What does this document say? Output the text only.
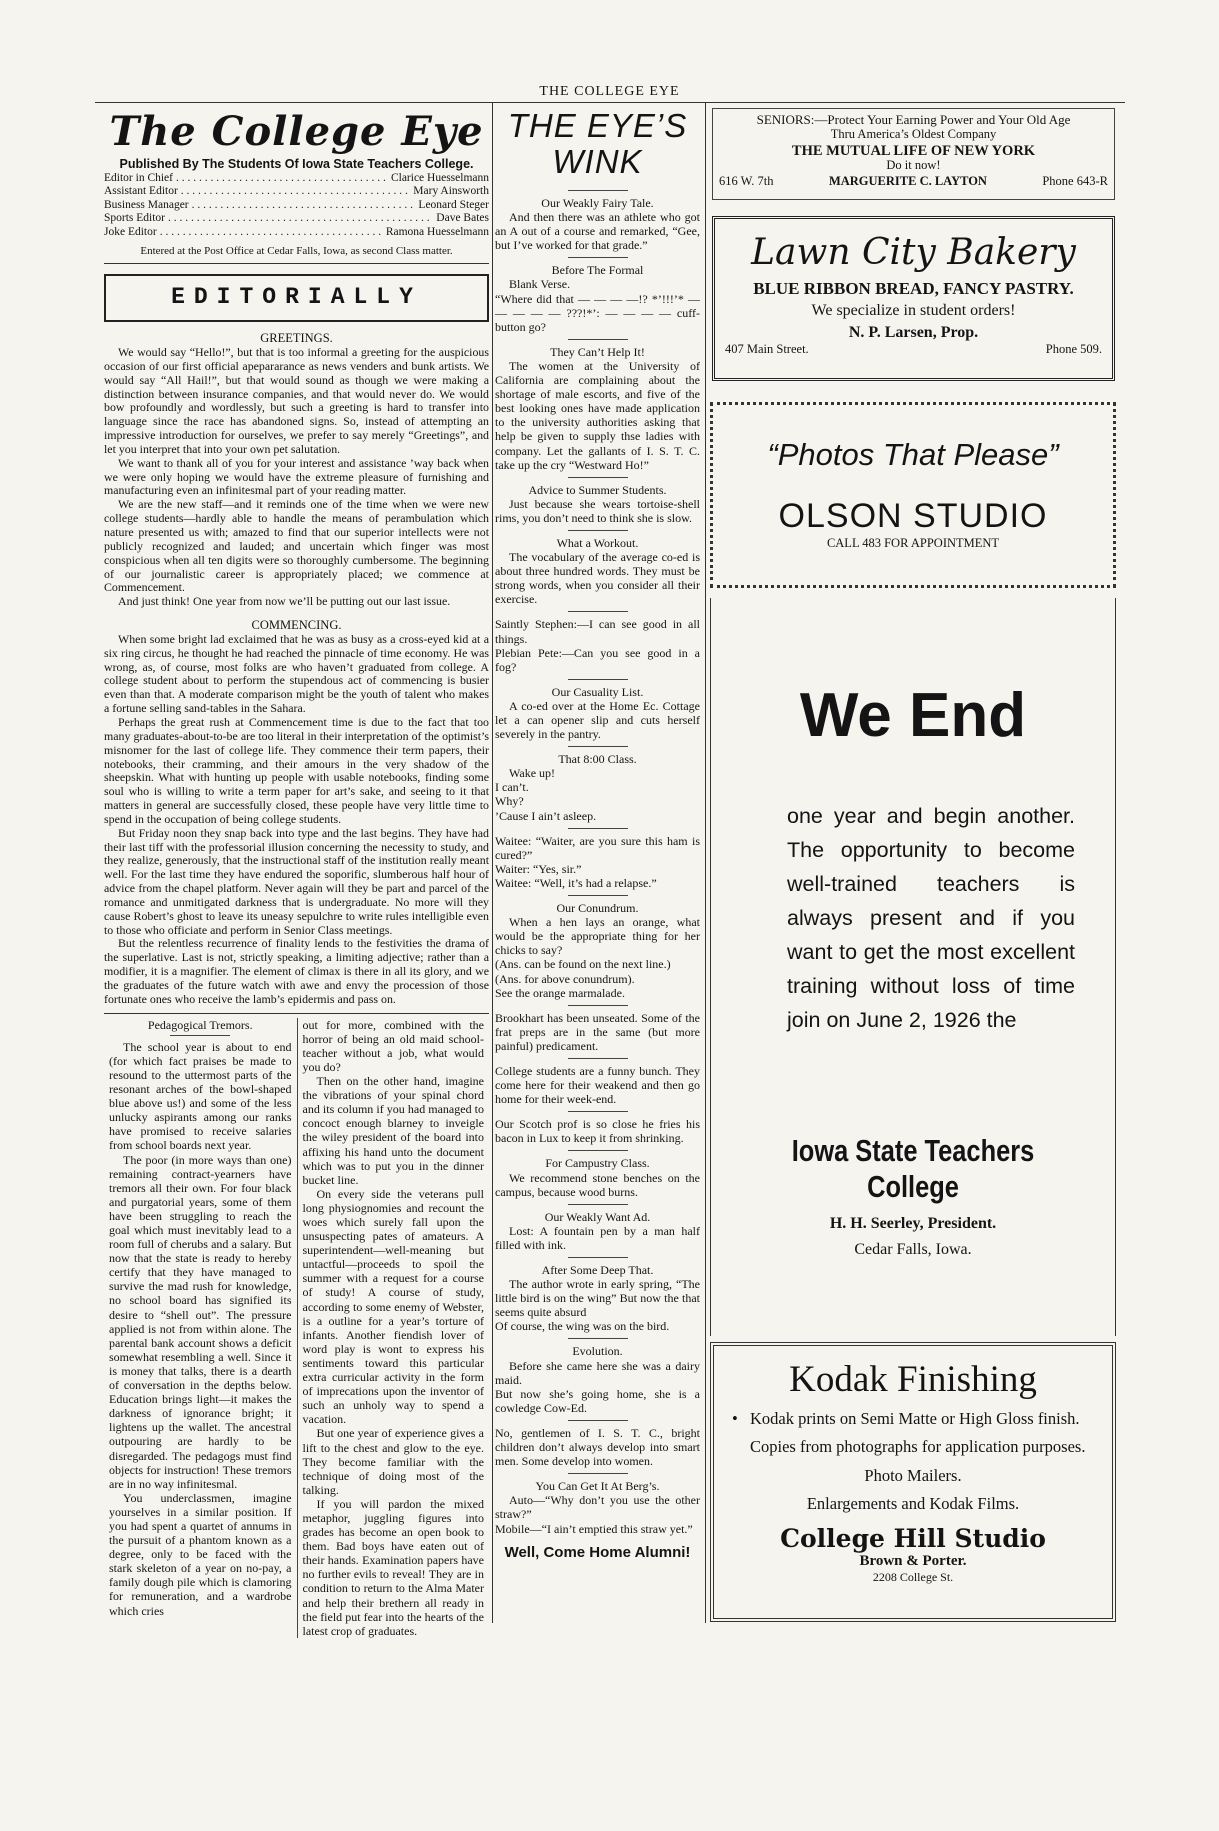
THE COLLEGE EYE
The College Eye
Published By The Students Of Iowa State Teachers College.
Editor in Chief . . .	Clarice Huesselmann
Assistant Editor . . .	Mary Ainsworth
Business Manager . . .	Leonard Steger
Sports Editor . . .	Dave Bates
Joke Editor . . .	Ramona Huesselmann
Entered at the Post Office at Cedar Falls, Iowa, as second Class matter.
EDITORIALLY
GREETINGS.

We would say “Hello!”, but that is too informal a greeting for the auspicious occasion of our first official apepararance as news venders and bunk artists. We would say “All Hail!”, but that would sound as though we were making a distinction between insurance companies, and that would never do. We would bow profoundly and wordlessly, but such a greeting is hard to transfer into language since the race has abandoned signs. So, instead of attempting an impressive introduction for ourselves, we prefer to say merely “Greetings”, and let you interpret that into your own pet salutation.

We want to thank all of you for your interest and assistance ’way back when we were only hoping we would have the extreme pleasure of furnishing and manufacturing even an infinitesmal part of your reading matter.

We are the new staff—and it reminds one of the time when we were new college students—hardly able to handle the means of perambulation which nature presented us with; amazed to find that our superior intellects were not publicly recognized and lauded; and uncertain which finger was most conspicious when all ten digits were so thoroughly cumbersome. The beginning of our journalistic career is appropriately placed; we commence at Commencement.

And just think! One year from now we’ll be putting out our last issue.

COMMENCING.

When some bright lad exclaimed that he was as busy as a cross-eyed kid at a six ring circus, he thought he had reached the pinnacle of time economy. He was wrong, as, of course, most folks are who haven’t graduated from college. A college student about to perform the stupendous act of commencing is busier even than that. A moderate comparison might be the youth of talent who makes a fortune selling sand-tables in the Sahara.

Perhaps the great rush at Commencement time is due to the fact that too many graduates-about-to-be are too literal in their interpretation of the optimist’s misnomer for the last of college life. They commence their term papers, their notebooks, their cramming, and their amours in the very shadow of the sheepskin. What with hunting up people with usable notebooks, finding some soul who is willing to write a term paper for art’s sake, and seeing to it that matters in general are successfully closed, these people have very little time to spend in the occupation of being college students.

But Friday noon they snap back into type and the last begins. They have had their last tiff with the professorial illusion concerning the necessity to study, and they realize, generously, that the instructional staff of the institution really meant well. For the last time they have endured the soporific, slumberous half hour of advice from the chapel platform. Never again will they be part and parcel of the romance and unmitigated darkness that is undergraduate. No more will they cause Robert’s ghost to leave its uneasy sepulchre to write rules intelligible even to those who officiate and perform in Senior Class meetings.

But the relentless recurrence of finality lends to the festivities the drama of the superlative. Last is not, strictly speaking, a limiting adjective; rather than a modifier, it is a magnifier. The element of climax is there in all its glory, and we the graduates of the future watch with awe and envy the procession of those fortunate ones who receive the lamb’s epidermis and pass on.

Pedagogical Tremors.

The school year is about to end (for which fact praises be made to resound to the uttermost parts of the resonant arches of the bowl-shaped blue above us!) and some of the less unlucky aspirants among our ranks have promised to receive salaries from school boards next year.

The poor (in more ways than one) remaining contract-yearners have tremors all their own. For four black and purgatorial years, some of them have been struggling to reach the goal which must inevitably lead to a room full of cherubs and a salary. But now that the state is ready to hereby certify that they have managed to survive the mad rush for knowledge, no school board has signified its desire to “shell out”. The pressure applied is not from within alone. The parental bank account shows a deficit somewhat resembling a well. Since it is money that talks, there is a dearth of conversation in the depths below. Education brings light—it makes the darkness of ignorance bright; it lightens up the wallet. The ancestral outpouring are hardly to be disregarded. The pedagogs must find objects for instruction! These tremors are in no way infinitesmal.

You underclassmen, imagine yourselves in a similar position. If you had spent a quartet of annums in the pursuit of a phantom known as a degree, only to be faced with the stark skeleton of a year on no-pay, a family dough pile which is clamoring for remuneration, and a wardrobe which cries

out for more, combined with the horror of being an old maid school-teacher without a job, what would you do?

Then on the other hand, imagine the vibrations of your spinal chord and its column if you had managed to concoct enough blarney to inveigle the wiley president of the board into affixing his hand unto the document which was to put you in the dinner bucket line.

On every side the veterans pull long physiognomies and recount the woes which surely fall upon the unsuspecting pates of amateurs. A superintendent—well-meaning but untactful—proceeds to spoil the summer with a request for a course of study! A course of study, according to some enemy of Webster, is a outline for a year’s torture of infants. Another fiendish lover of word play is wont to express his sentiments toward this particular extra curricular activity in the form of imprecations upon the inventor of such an unholy way to spend a vacation.

But one year of experience gives a lift to the chest and glow to the eye. They become familiar with the technique of doing most of the talking.

If you will pardon the mixed metaphor, juggling figures into grades has become an open book to them. Bad boys have eaten out of their hands. Examination papers have no further evils to reveal! They are in condition to return to the Alma Mater and help their brethern all ready in the field put fear into the hearts of the latest crop of graduates.

THE EYE’S
WINK
Our Weakly Fairy Tale.

And then there was an athlete who got an A out of a course and remarked, “Gee, but I’ve worked for that grade.”

Before The Formal

Blank Verse.

“Where did that — — — —!? *’!!!’* — — — — — ???!*’: — — — — cuff-button go?

They Can’t Help It!

The women at the University of California are complaining about the shortage of male escorts, and five of the best looking ones have made application to the university authorities asking that help be given to supply thse ladies with company. Let the gallants of I. S. T. C. take up the cry “Westward Ho!”

Advice to Summer Students.

Just because she wears tortoise-shell rims, you don’t need to think she is slow.

What a Workout.

The vocabulary of the average co-ed is about three hundred words. They must be strong words, when you consider all their exercise.

Saintly Stephen:—I can see good in all things.

Plebian Pete:—Can you see good in a fog?

Our Casuality List.

A co-ed over at the Home Ec. Cottage let a can opener slip and cuts herself severely in the pantry.

That 8:00 Class.

Wake up!

I can’t.

Why?

’Cause I ain’t asleep.

Waitee: “Waiter, are you sure this ham is cured?”

Waiter: “Yes, sir.”

Waitee: “Well, it’s had a relapse.”

Our Conundrum.

When a hen lays an orange, what would be the appropriate thing for her chicks to say?

(Ans. can be found on the next line.)

(Ans. for above conundrum).

See the orange marmalade.

Brookhart has been unseated. Some of the frat preps are in the same (but more painful) predicament.

College students are a funny bunch. They come here for their weakend and then go home for their week-end.

Our Scotch prof is so close he fries his bacon in Lux to keep it from shrinking.

For Campustry Class.

We recommend stone benches on the campus, because wood burns.

Our Weakly Want Ad.

Lost: A fountain pen by a man half filled with ink.

After Some Deep That.

The author wrote in early spring, “The little bird is on the wing” But now the that seems quite absurd

Of course, the wing was on the bird.

Evolution.

Before she came here she was a dairy maid.

But now she’s going home, she is a cowledge Cow-Ed.

No, gentlemen of I. S. T. C., bright children don’t always develop into smart men. Some develop into women.

You Can Get It At Berg’s.

Auto—“Why don’t you use the other straw?”

Mobile—“I ain’t emptied this straw yet.”

Well, Come Home Alumni!
SENIORS:—Protect Your Earning Power and Your Old Age
Thru America’s Oldest Company
THE MUTUAL LIFE OF NEW YORK
Do it now!
616 W. 7th	MARGUERITE C. LAYTON	Phone 643-R
Lawn City Bakery
BLUE RIBBON BREAD, FANCY PASTRY.
We specialize in student orders!
N. P. Larsen, Prop.
407 Main Street.	Phone 509.
“Photos That Please”
OLSON STUDIO
CALL 483 FOR APPOINTMENT
We End
one year and begin another. The opportunity to become well-trained teachers is always present and if you want to get the most excellent training without loss of time join on June 2, 1926 the
Iowa State Teachers College
H. H. Seerley, President.
Cedar Falls, Iowa.
Kodak Finishing
• Kodak prints on Semi Matte or High Gloss finish.
Copies from photographs for application purposes.
Photo Mailers.
Enlargements and Kodak Films.
College Hill Studio
Brown & Porter.
2208 College St.
